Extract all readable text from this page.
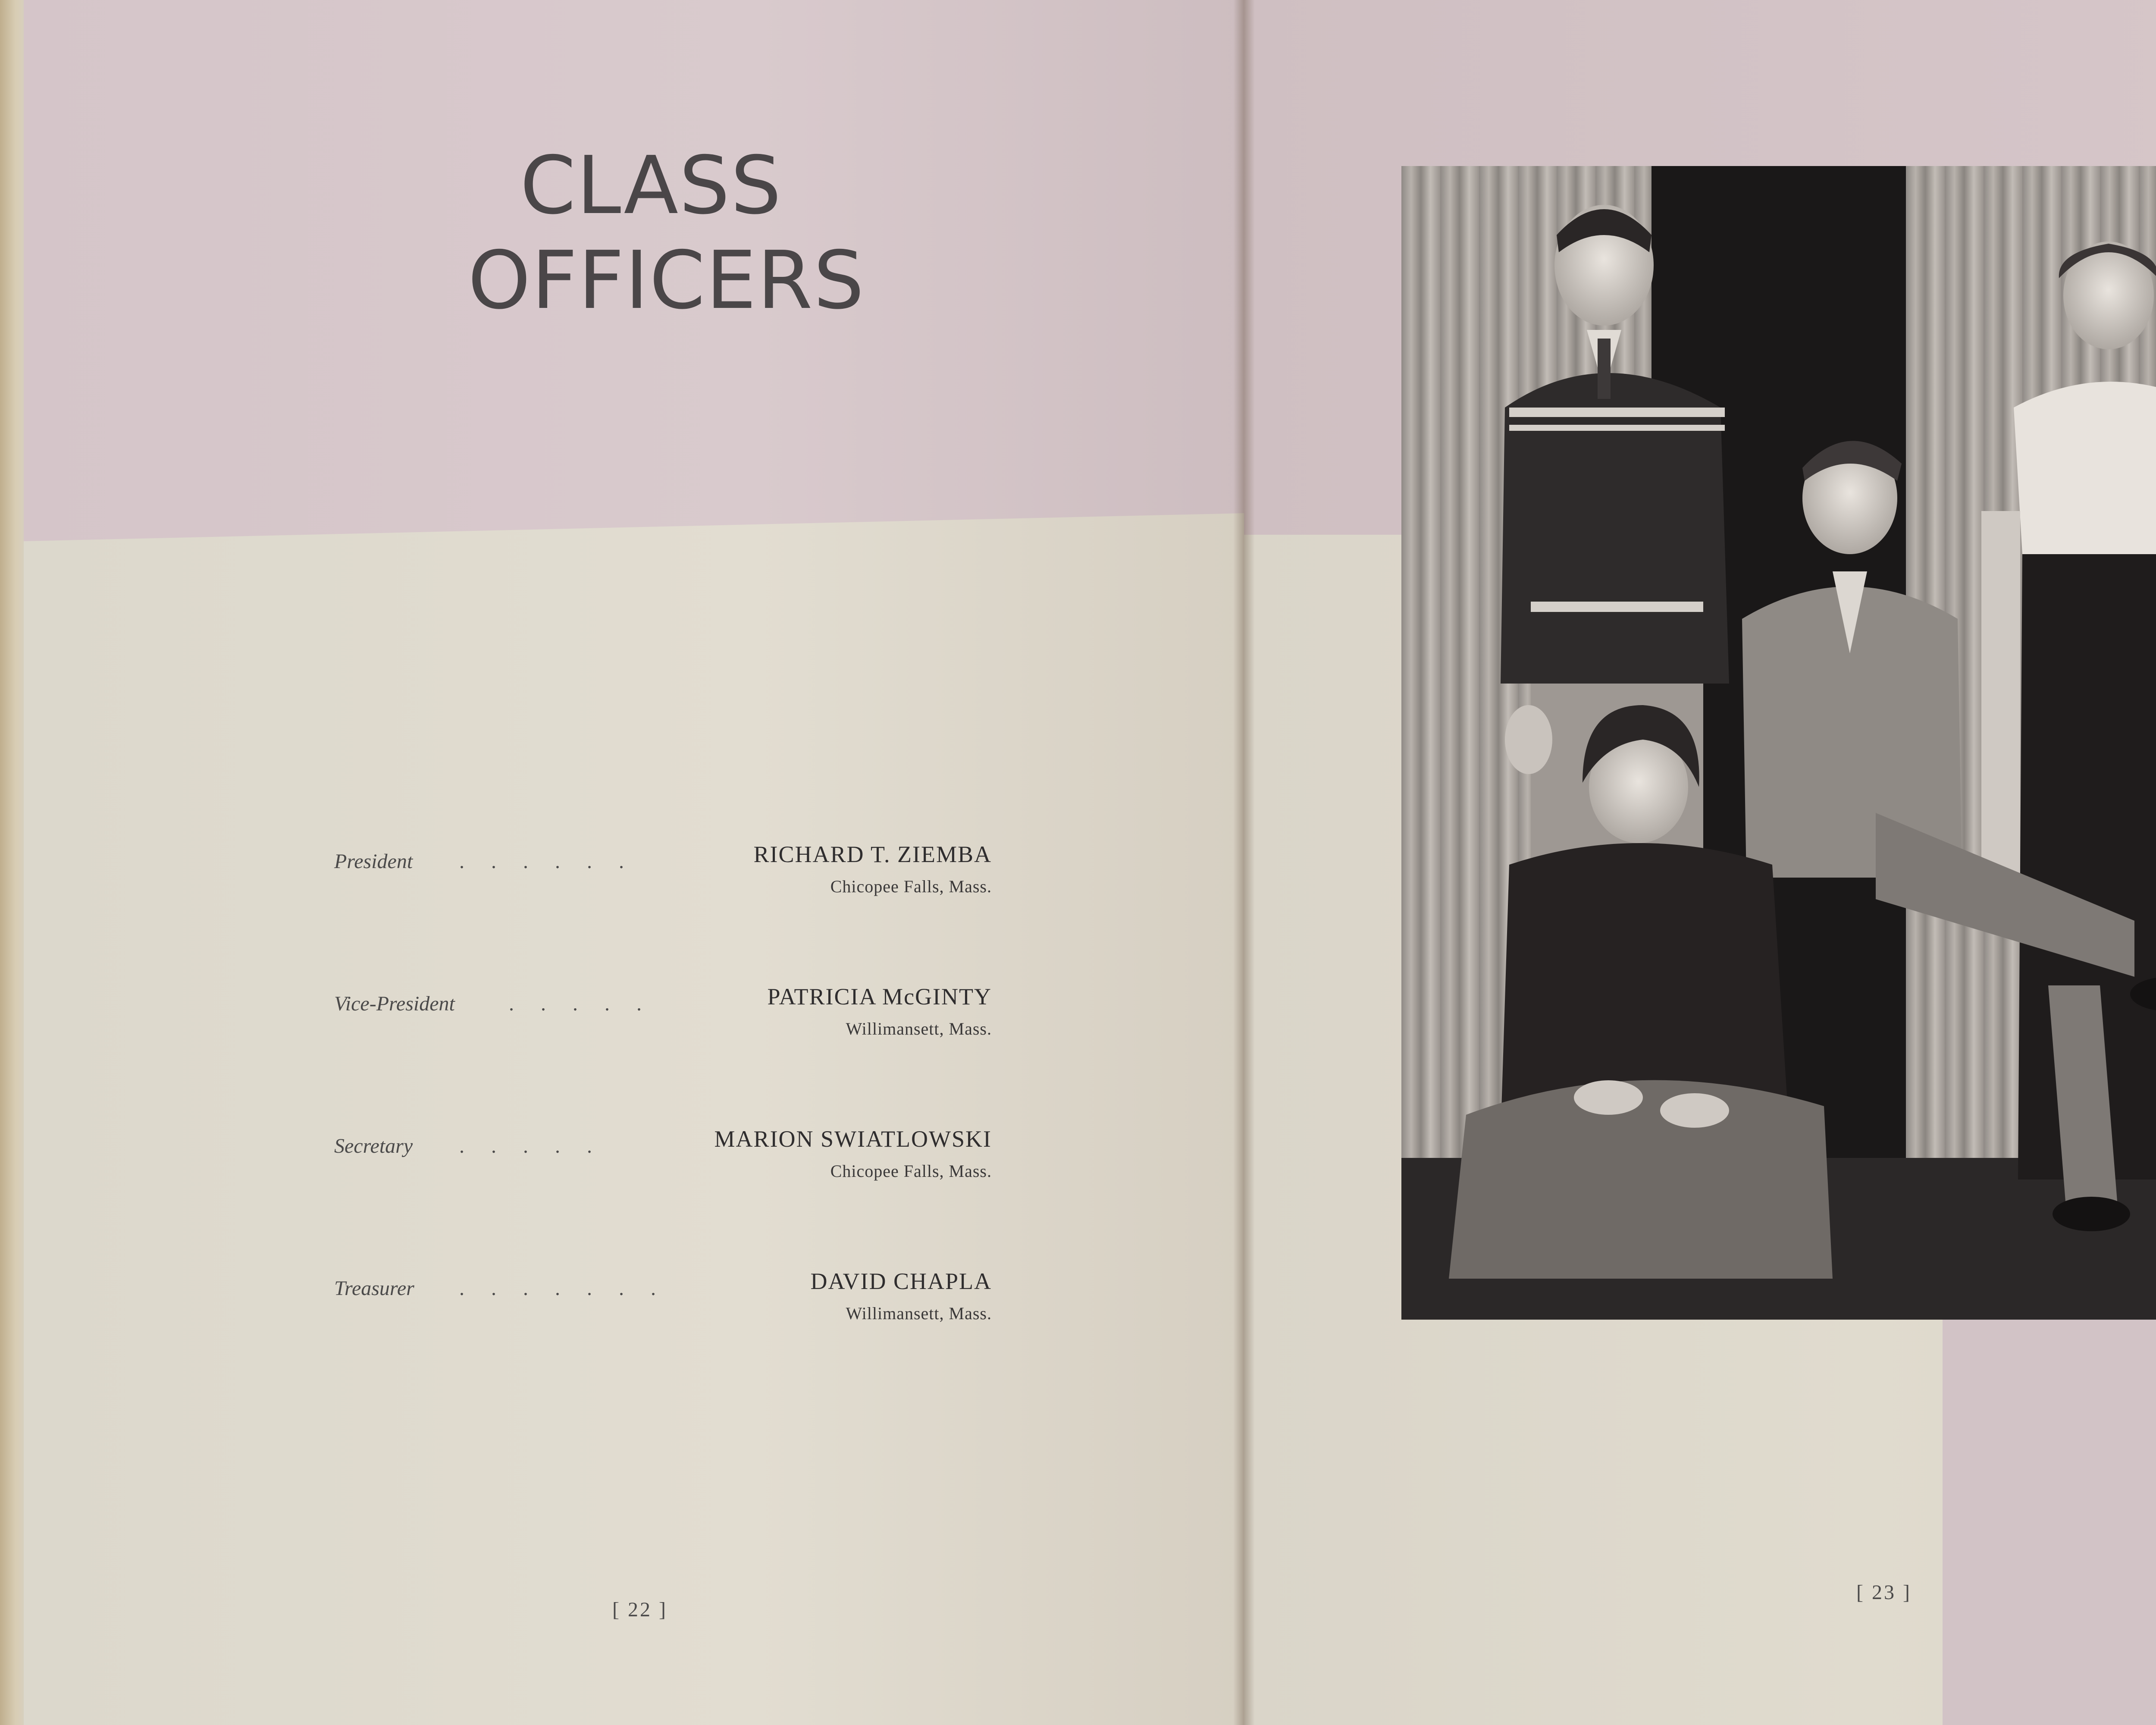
CLASS
OFFICERS
President ......	RICHARD T. ZIEMBA
Chicopee Falls, Mass.
Vice-President	.....	PATRICIA McGINTY
Willimansett, Mass.
Secretary .....	MARION SWIATLOWSKI
Chicopee Falls, Mass.
Treasurer .......	DAVID CHAPLA
Willimansett, Mass.
[ 22 ]
[ 23 ]
